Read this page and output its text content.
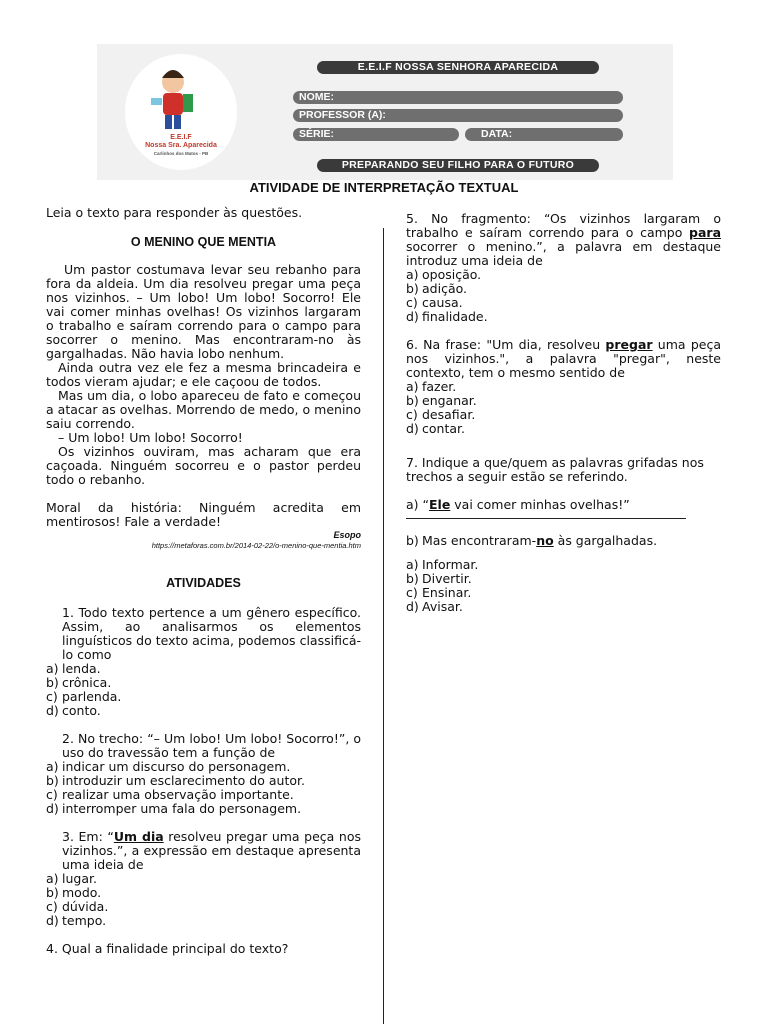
E.E.I.F
Nossa Sra. Aparecida
Carlinhos dos Matos - PB
E.E.I.F NOSSA SENHORA APARECIDA
NOME:
PROFESSOR (A):
SÉRIE:	DATA:
PREPARANDO SEU FILHO PARA O FUTURO
ATIVIDADE DE INTERPRETAÇÃO TEXTUAL
Leia o texto para responder às questões.
O MENINO QUE MENTIA
Um pastor costumava levar seu rebanho para fora da aldeia. Um dia resolveu pregar uma peça nos vizinhos. – Um lobo! Um lobo! Socorro! Ele vai comer minhas ovelhas! Os vizinhos largaram o trabalho e saíram correndo para o campo para socorrer o menino. Mas encontraram-no às gargalhadas. Não havia lobo nenhum.
Ainda outra vez ele fez a mesma brincadeira e todos vieram ajudar; e ele caçoou de todos.
Mas um dia, o lobo apareceu de fato e começou a atacar as ovelhas. Morrendo de medo, o menino saiu correndo.
– Um lobo! Um lobo! Socorro!
Os vizinhos ouviram, mas acharam que era caçoada. Ninguém socorreu e o pastor perdeu todo o rebanho.
Moral da história: Ninguém acredita em mentirosos! Fale a verdade!
Esopo
https://metaforas.com.br/2014-02-22/o-menino-que-mentia.htm
ATIVIDADES
1. Todo texto pertence a um gênero específico. Assim, ao analisarmos os elementos linguísticos do texto acima, podemos classificá-lo como
a) lenda.
b) crônica.
c) parlenda.
d) conto.
2. No trecho: “– Um lobo! Um lobo! Socorro!”, o uso do travessão tem a função de
a) indicar um discurso do personagem.
b) introduzir um esclarecimento do autor.
c) realizar uma observação importante.
d) interromper uma fala do personagem.
3. Em: “Um dia resolveu pregar uma peça nos vizinhos.”, a expressão em destaque apresenta uma ideia de
a) lugar.
b) modo.
c) dúvida.
d) tempo.
4. Qual a finalidade principal do texto?
5. No fragmento: “Os vizinhos largaram o trabalho e saíram correndo para o campo para socorrer o menino.”, a palavra em destaque introduz uma ideia de
a) oposição.
b) adição.
c) causa.
d) finalidade.
6. Na frase: "Um dia, resolveu pregar uma peça nos vizinhos.", a palavra "pregar", neste contexto, tem o mesmo sentido de
a) fazer.
b) enganar.
c) desafiar.
d) contar.
7. Indique a que/quem as palavras grifadas nos trechos a seguir estão se referindo.
a) “Ele vai comer minhas ovelhas!”
b) Mas encontraram-no às gargalhadas.
a) Informar.
b) Divertir.
c) Ensinar.
d) Avisar.
